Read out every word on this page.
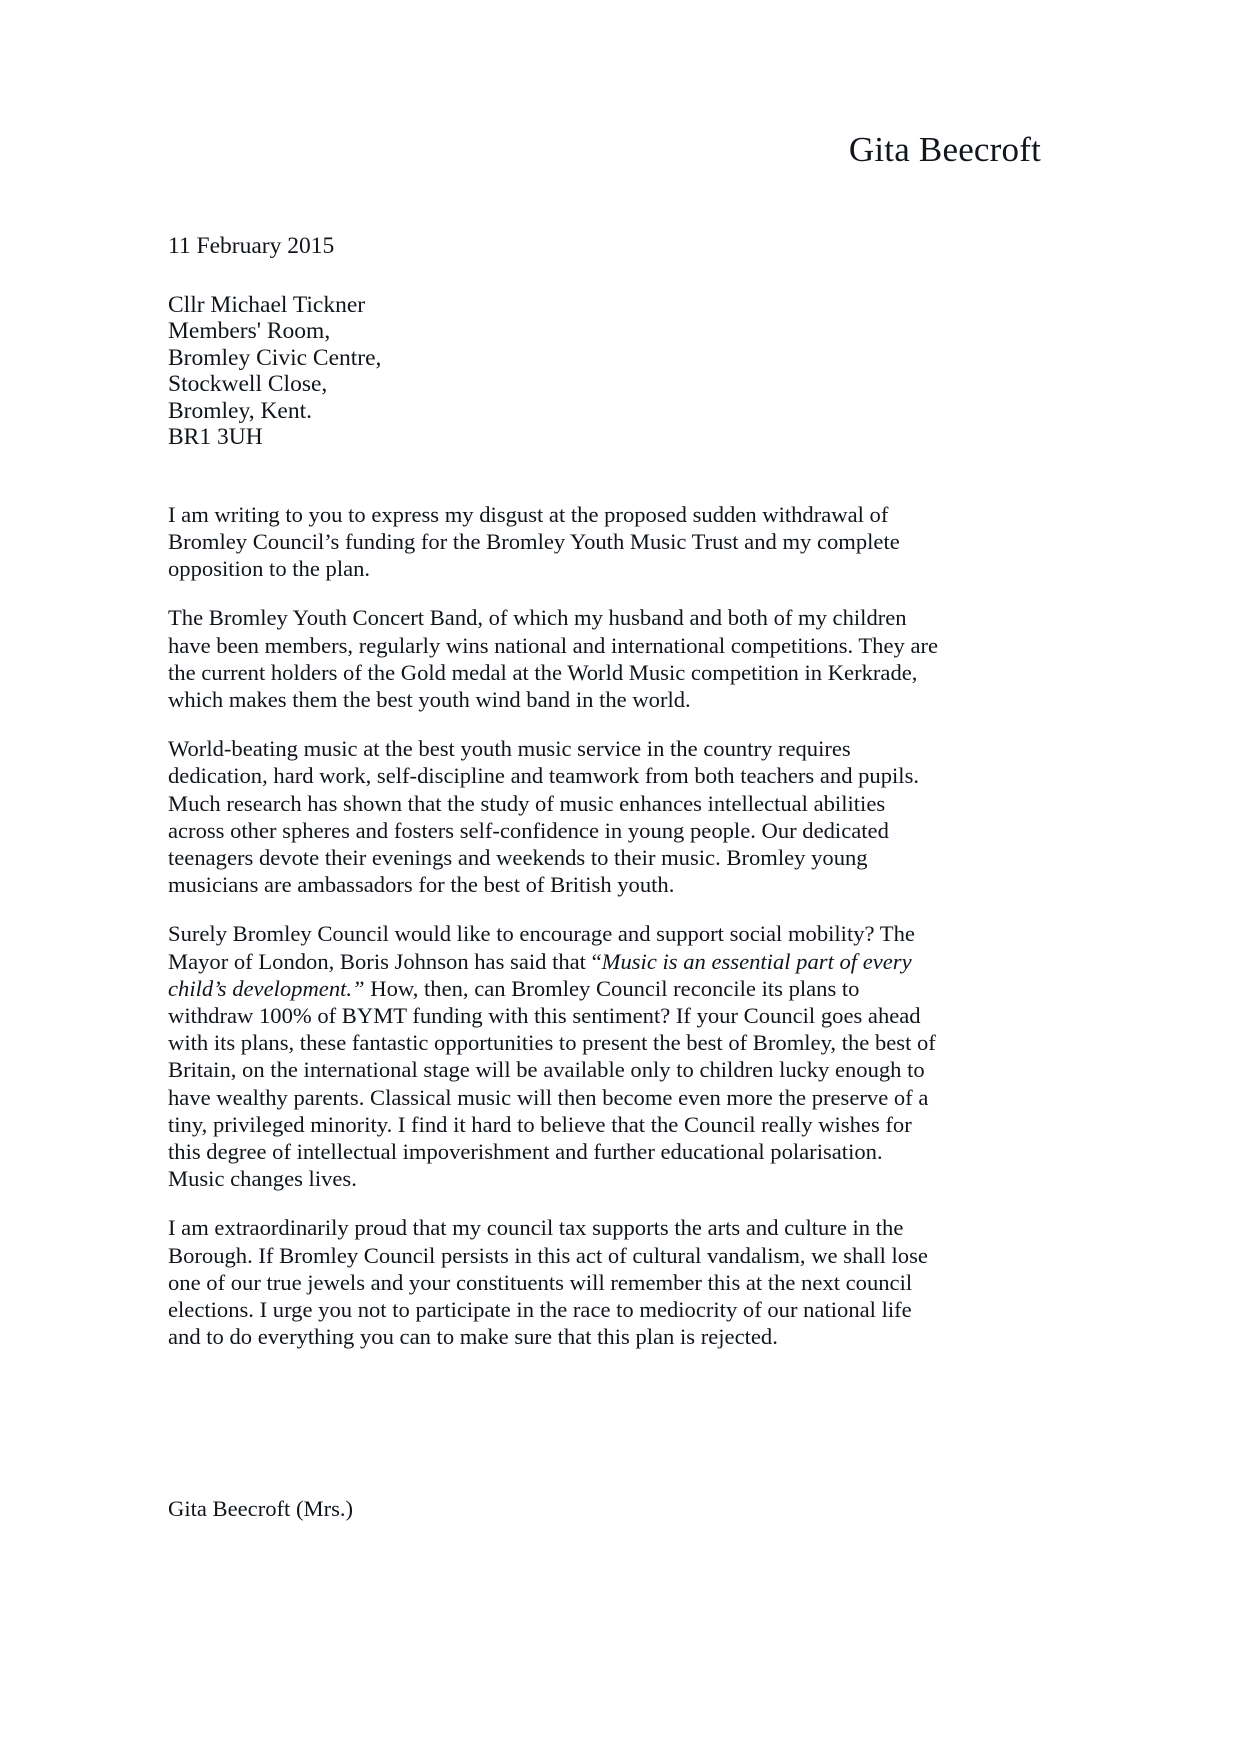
Gita Beecroft
11 February 2015
Cllr Michael Tickner
Members' Room,
Bromley Civic Centre,
Stockwell Close,
Bromley, Kent.
BR1 3UH

I am writing to you to express my disgust at the proposed sudden withdrawal of Bromley Council’s funding for the Bromley Youth Music Trust and my complete opposition to the plan.

The Bromley Youth Concert Band, of which my husband and both of my children have been members, regularly wins national and international competitions. They are the current holders of the Gold medal at the World Music competition in Kerkrade, which makes them the best youth wind band in the world.

World-beating music at the best youth music service in the country requires dedication, hard work, self-discipline and teamwork from both teachers and pupils. Much research has shown that the study of music enhances intellectual abilities across other spheres and fosters self-confidence in young people. Our dedicated teenagers devote their evenings and weekends to their music. Bromley young musicians are ambassadors for the best of British youth.

Surely Bromley Council would like to encourage and support social mobility? The Mayor of London, Boris Johnson has said that “Music is an essential part of every child’s development.” How, then, can Bromley Council reconcile its plans to withdraw 100% of BYMT funding with this sentiment? If your Council goes ahead with its plans, these fantastic opportunities to present the best of Bromley, the best of Britain, on the international stage will be available only to children lucky enough to have wealthy parents. Classical music will then become even more the preserve of a tiny, privileged minority. I find it hard to believe that the Council really wishes for this degree of intellectual impoverishment and further educational polarisation. Music changes lives.

I am extraordinarily proud that my council tax supports the arts and culture in the Borough. If Bromley Council persists in this act of cultural vandalism, we shall lose one of our true jewels and your constituents will remember this at the next council elections. I urge you not to participate in the race to mediocrity of our national life and to do everything you can to make sure that this plan is rejected.

Gita Beecroft (Mrs.)
